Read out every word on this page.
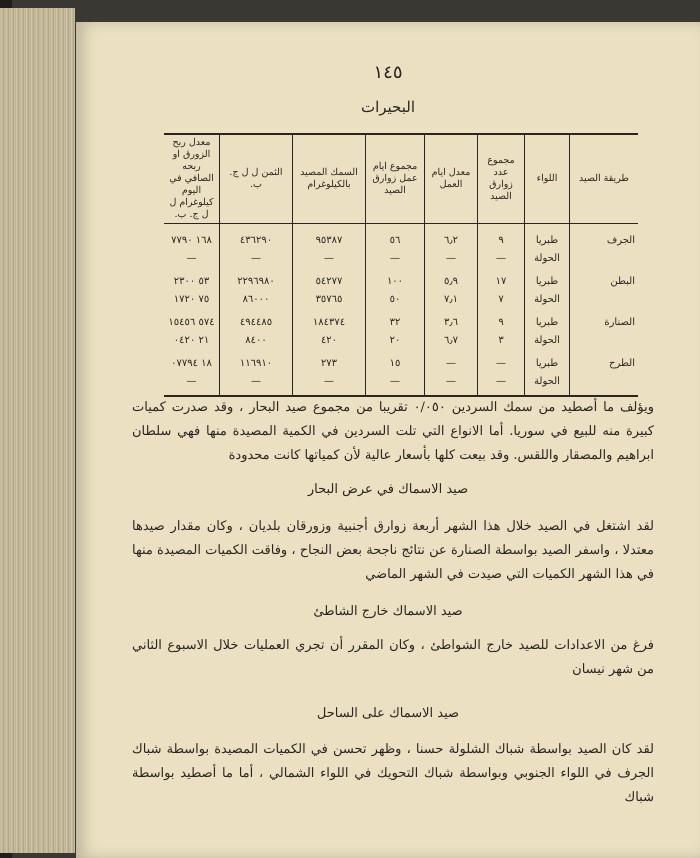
١٤٥
البحيرات
طريقة الصيد	اللواء	مجموع عدد زوارق الصيد	معدل ايام العمل	مجموع ايام عمل زوارق الصيد	السمك المصيد بالكيلوغرام	الثمن ل ل ج. ب.	معدل ربح الزورق او ربحه الصافي في اليوم كيلوغرام ل ل ج. ب.
الجرف	طبريا	٩	٦٫٢	٥٦	٩٥٣٨٧	٤٣٦٢٩٠	١٦٨ ٧٧٩٠
	الحولة	—	—	—	—	—	—
البطن	طبريا	١٧	٥٫٩	١٠٠	٥٤٢٧٧	٢٢٩٦٩٨٠	٥٣ ٢٣٠٠
	الحولة	٧	٧٫١	٥٠	٣٥٧٦٥	٨٦٠٠٠	٧٥ ١٧٢٠
الصنارة	طبريا	٩	٣٫٦	٣٢	١٨٤٣٧٤	٤٩٤٤٨٥	٥٧٤ ١٥٤٥٦
	الحولة	٣	٦٫٧	٢٠	٤٢٠	٨٤٠٠	٢١ ٠٤٢٠
الطرح	طبريا	—	—	١٥	٢٧٣	١١٦٩١٠	١٨ ٠٧٧٩٤
	الحولة	—	—	—	—	—	—
ويؤلف ما أصطيد من سمك السردين ٠/٠٥٠ تقريبا من مجموع صيد البحار ، وقد صدرت كميات كبيرة منه للبيع في سوريا. أما الانواع التي تلت السردين في الكمية المصيدة منها فهي سلطان ابراهيم والمصقار واللقس. وقد بيعت كلها بأسعار عالية لأن كمياتها كانت محدودة
صيد الاسماك في عرض البحار
لقد اشتغل في الصيد خلال هذا الشهر أربعة زوارق أجنبية وزورقان بلديان ، وكان مقدار صيدها معتدلا ، واسفر الصيد بواسطة الصنارة عن نتائج ناجحة بعض النجاح ، وفاقت الكميات المصيدة منها في هذا الشهر الكميات التي صيدت في الشهر الماضي
صيد الاسماك خارج الشاطئ
فرغ من الاعدادات للصيد خارج الشواطئ ، وكان المقرر أن تجري العمليات خلال الاسبوع الثاني من شهر نيسان
صيد الاسماك على الساحل
لقد كان الصيد بواسطة شباك الشلولة حسنا ، وظهر تحسن في الكميات المصيدة بواسطة شباك الجرف في اللواء الجنوبي وبواسطة شباك التحويك في اللواء الشمالي ، أما ما أصطيد بواسطة شباك
